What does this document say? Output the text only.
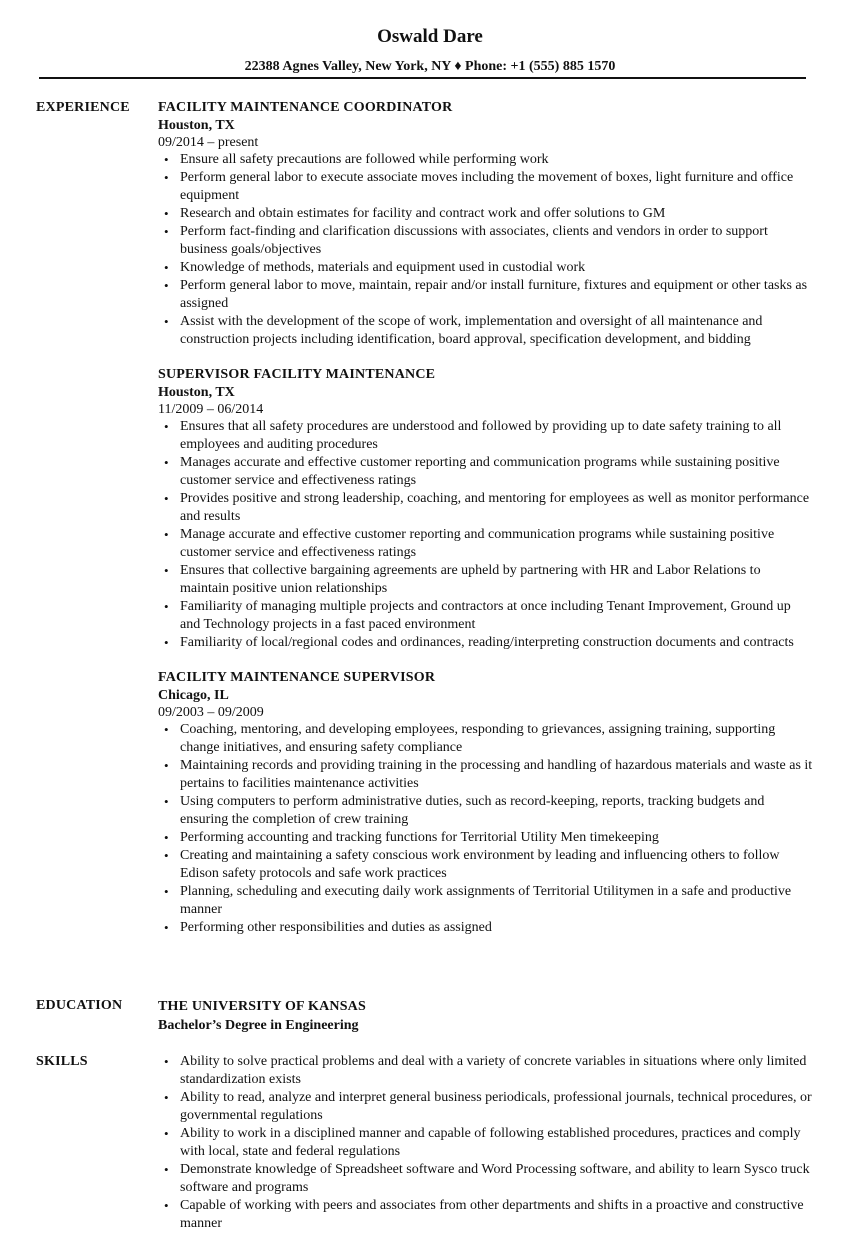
Oswald Dare
22388 Agnes Valley, New York, NY ♦ Phone: +1 (555) 885 1570
EXPERIENCE	FACILITY MAINTENANCE COORDINATOR
Houston, TX
09/2014 – present
• Ensure all safety precautions are followed while performing work
• Perform general labor to execute associate moves including the movement of boxes, light furniture and office equipment
• Research and obtain estimates for facility and contract work and offer solutions to GM
• Perform fact-finding and clarification discussions with associates, clients and vendors in order to support business goals/objectives
• Knowledge of methods, materials and equipment used in custodial work
• Perform general labor to move, maintain, repair and/or install furniture, fixtures and equipment or other tasks as assigned
• Assist with the development of the scope of work, implementation and oversight of all maintenance and construction projects including identification, board approval, specification development, and bidding
SUPERVISOR FACILITY MAINTENANCE
Houston, TX
11/2009 – 06/2014
• Ensures that all safety procedures are understood and followed by providing up to date safety training to all employees and auditing procedures
• Manages accurate and effective customer reporting and communication programs while sustaining positive customer service and effectiveness ratings
• Provides positive and strong leadership, coaching, and mentoring for employees as well as monitor performance and results
• Manage accurate and effective customer reporting and communication programs while sustaining positive customer service and effectiveness ratings
• Ensures that collective bargaining agreements are upheld by partnering with HR and Labor Relations to maintain positive union relationships
• Familiarity of managing multiple projects and contractors at once including Tenant Improvement, Ground up and Technology projects in a fast paced environment
• Familiarity of local/regional codes and ordinances, reading/interpreting construction documents and contracts
FACILITY MAINTENANCE SUPERVISOR
Chicago, IL
09/2003 – 09/2009
• Coaching, mentoring, and developing employees, responding to grievances, assigning training, supporting change initiatives, and ensuring safety compliance
• Maintaining records and providing training in the processing and handling of hazardous materials and waste as it pertains to facilities maintenance activities
• Using computers to perform administrative duties, such as record-keeping, reports, tracking budgets and ensuring the completion of crew training
• Performing accounting and tracking functions for Territorial Utility Men timekeeping
• Creating and maintaining a safety conscious work environment by leading and influencing others to follow Edison safety protocols and safe work practices
• Planning, scheduling and executing daily work assignments of Territorial Utilitymen in a safe and productive manner
• Performing other responsibilities and duties as assigned
EDUCATION	THE UNIVERSITY OF KANSAS
Bachelor’s Degree in Engineering
SKILLS	• Ability to solve practical problems and deal with a variety of concrete variables in situations where only limited standardization exists
• Ability to read, analyze and interpret general business periodicals, professional journals, technical procedures, or governmental regulations
• Ability to work in a disciplined manner and capable of following established procedures, practices and comply with local, state and federal regulations
• Demonstrate knowledge of Spreadsheet software and Word Processing software, and ability to learn Sysco truck software and programs
• Capable of working with peers and associates from other departments and shifts in a proactive and constructive manner
